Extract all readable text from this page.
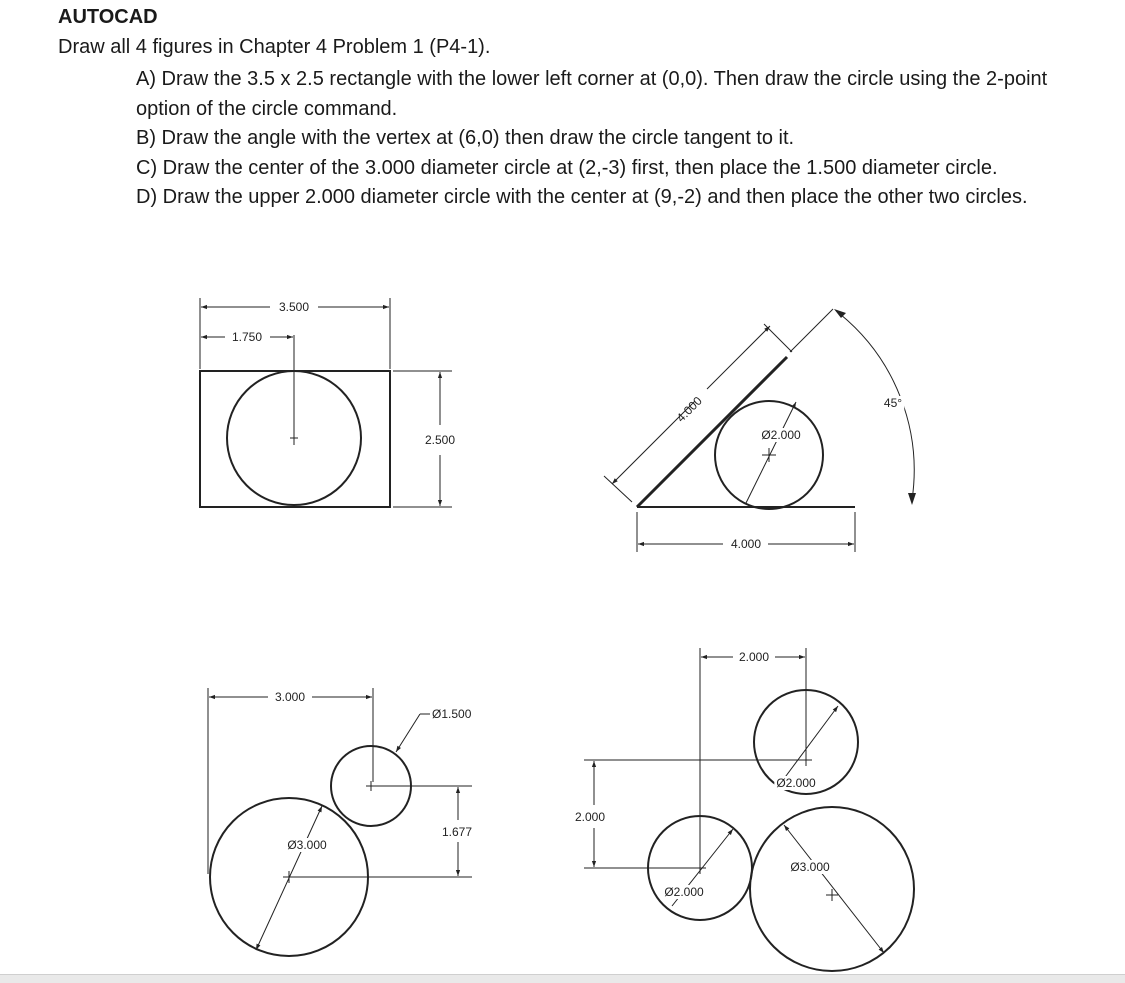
AUTOCAD
Draw all 4 figures in Chapter 4 Problem 1 (P4-1).
A) Draw the 3.5 x 2.5 rectangle with the lower left corner at (0,0). Then draw the circle using the 2-point option of the circle command.
B) Draw the angle with the vertex at (6,0) then draw the circle tangent to it.
C) Draw the center of the 3.000 diameter circle at (2,-3) first, then place the 1.500 diameter circle.
D) Draw the upper 2.000 diameter circle with the center at (9,-2) and then place the other two circles.
3.500
1.750
2.500
4.000
Ø2.000
45°
4.000
3.000
Ø1.500
1.677
Ø3.000
2.000
2.000
Ø2.000
Ø2.000
Ø3.000
